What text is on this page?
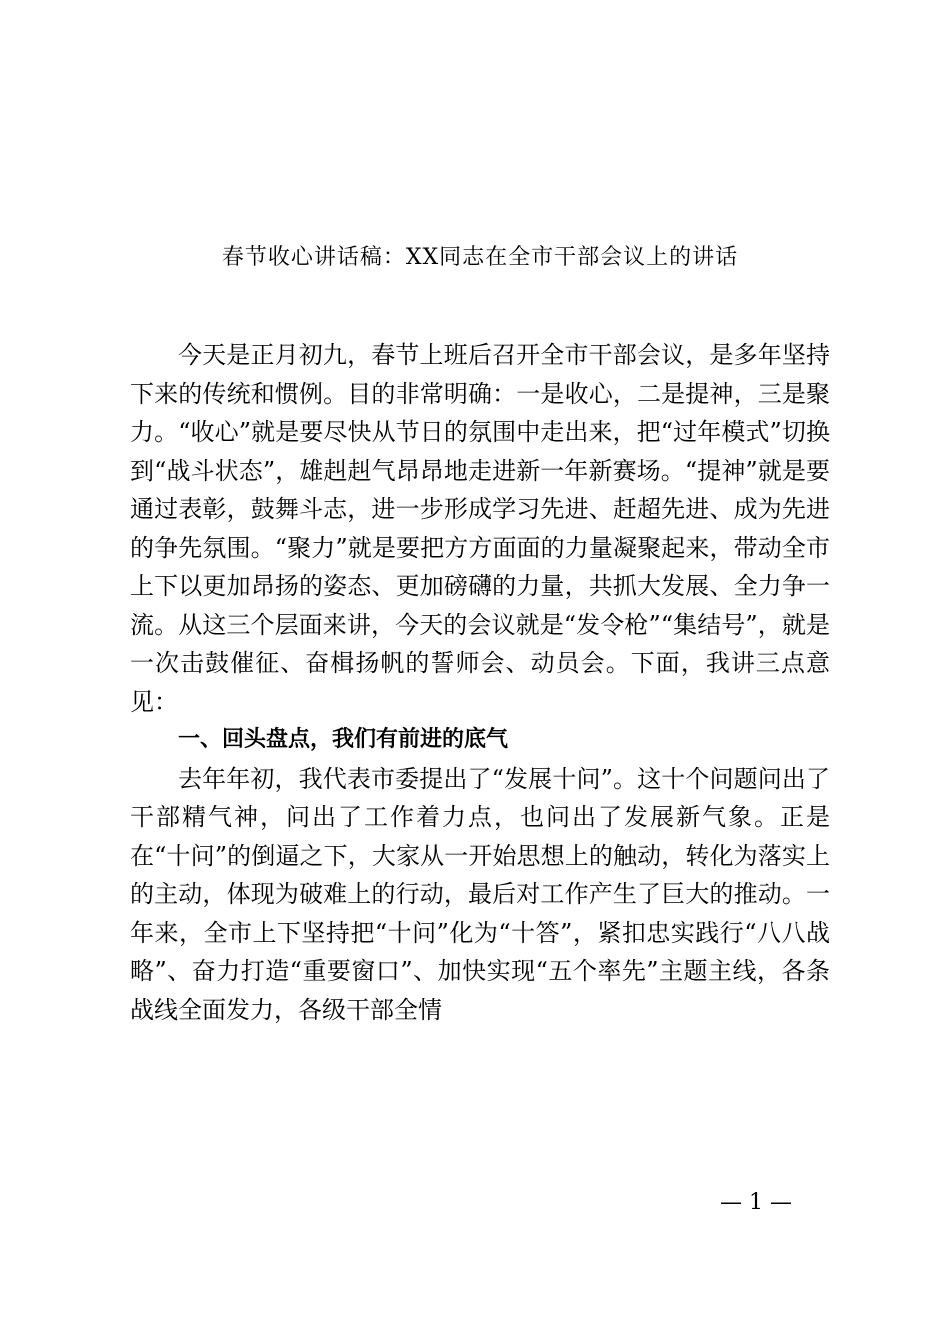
春节收心讲话稿：XX同志在全市干部会议上的讲话

今天是正月初九，春节上班后召开全市干部会议，是多年坚持下来的传统和惯例。目的非常明确：一是收心，二是提神，三是聚力。“收心”就是要尽快从节日的氛围中走出来，把“过年模式”切换到“战斗状态”，雄赳赳气昂昂地走进新一年新赛场。“提神”就是要通过表彰，鼓舞斗志，进一步形成学习先进、赶超先进、成为先进的争先氛围。“聚力”就是要把方方面面的力量凝聚起来，带动全市上下以更加昂扬的姿态、更加磅礴的力量，共抓大发展、全力争一流。从这三个层面来讲，今天的会议就是“发令枪”“集结号”，就是一次击鼓催征、奋楫扬帆的誓师会、动员会。下面，我讲三点意见：

一、回头盘点，我们有前进的底气

去年年初，我代表市委提出了“发展十问”。这十个问题问出了干部精气神，问出了工作着力点，也问出了发展新气象。正是在“十问”的倒逼之下，大家从一开始思想上的触动，转化为落实上的主动，体现为破难上的行动，最后对工作产生了巨大的推动。一年来，全市上下坚持把“十问”化为“十答”，紧扣忠实践行“八八战略”、奋力打造“重要窗口”、加快实现“五个率先”主题主线，各条战线全面发力，各级干部全情

— 1 —
